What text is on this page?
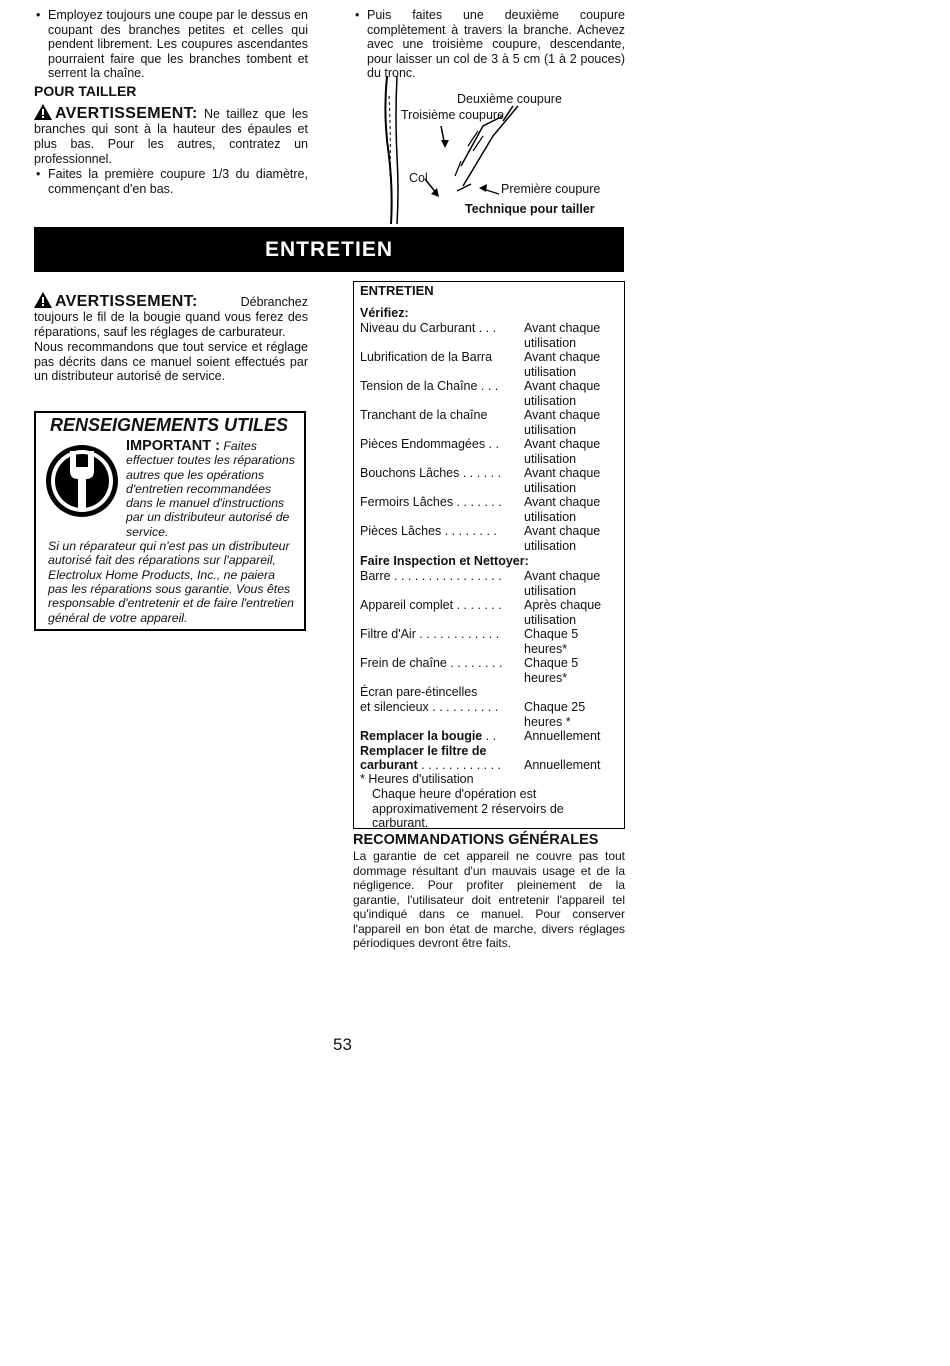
• Employez toujours une coupe par le dessus en coupant des branches petites et celles qui pendent librement. Les coupures ascendantes pourraient faire que les branches tombent et serrent la chaîne.

POUR TAILLER

AVERTISSEMENT: Ne taillez que les branches qui sont à la hauteur des épaules et plus bas. Pour les autres, contratez un professionnel.

• Faites la première coupure 1/3 du diamètre, commençant d'en bas.

• Puis faites une deuxième coupure complètement à travers la branche. Achevez avec une troisième coupure, descendante, pour laisser un col de 3 à 5 cm (1 à 2 pouces) du tronc.

Deuxième coupure
Troisième coupure
Col
Première coupure
Technique pour tailler
ENTRETIEN

AVERTISSEMENT:	Débranchez toujours le fil de la bougie quand vous ferez des réparations, sauf les réglages de carburateur.

Nous recommandons que tout service et réglage pas décrits dans ce manuel soient effectués par un distributeur autorisé de service.

RENSEIGNEMENTS UTILES
IMPORTANT : Faites effectuer toutes les réparations autres que les opérations d'entretien recommandées dans le manuel d'instructions par un distributeur autorisé de service.
Si un réparateur qui n'est pas un distributeur autorisé fait des réparations sur l'appareil, Electrolux Home Products, Inc., ne paiera pas les réparations sous garantie. Vous êtes responsable d'entretenir et de faire l'entretien général de votre appareil.
ENTRETIEN
Vérifiez:
Niveau du Carburant . . . Avant chaque utilisation
Lubrification de la Barra	Avant chaque utilisation
Tension de la Chaîne . . . Avant chaque utilisation
Tranchant de la chaîne	Avant chaque utilisation
Pièces Endommagées . . Avant chaque utilisation
Bouchons Lâches . . . . . . Avant chaque utilisation
Fermoirs Lâches . . . . . . . Avant chaque utilisation
Pièces Lâches . . . . . . . . Avant chaque utilisation
Faire Inspection et Nettoyer:
Barre . . . . . . . . . . . . . . . . Avant chaque utilisation
Appareil complet . . . . . . . Après chaque utilisation
Filtre d'Air . . . . . . . . . . . . Chaque 5 heures*
Frein de chaîne . . . . . . . . Chaque 5 heures*
Écran pare-étincelles
et silencieux . . . . . . . . . . Chaque 25 heures *
Remplacer la bougie . . Annuellement
Remplacer le filtre de
carburant . . . . . . . . . . . . Annuellement
* Heures d'utilisation
Chaque heure d'opération est approximativement 2 réservoirs de carburant.

RECOMMANDATIONS GÉNÉRALES

La garantie de cet appareil ne couvre pas tout dommage résultant d'un mauvais usage et de la négligence. Pour profiter pleinement de la garantie, l'utilisateur doit entretenir l'appareil tel qu'indiqué dans ce manuel. Pour conserver l'appareil en bon état de marche, divers réglages périodiques devront être faits.

53
